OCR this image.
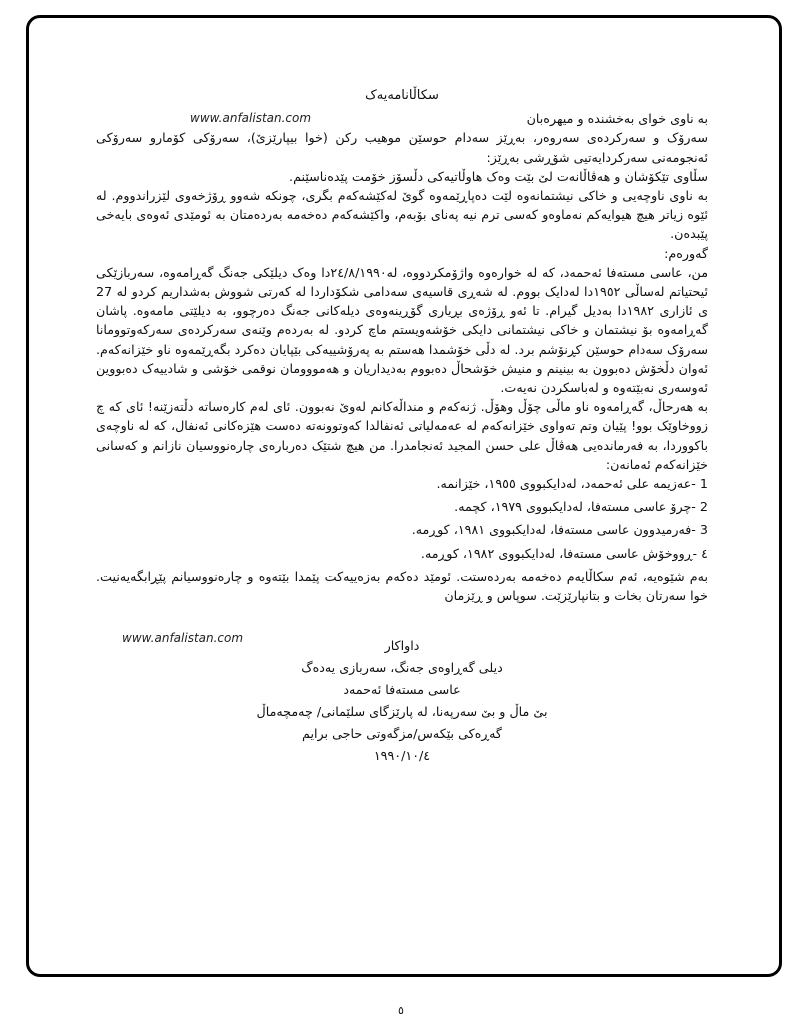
www.anfalistan.com
www.anfalistan.com
سکاڵانامەیەک

بە ناوی خوای بەخشندە و میهرەبان

سەرۆک و سەرکردەی سەروەر، بەڕێز سەدام حوسێن موهیب رکن (خوا بیپارێزێ)، سەرۆکی کۆمارو سەرۆکی ئەنجومەنی سەرکردایەتیی شۆڕشی بەڕێز:

سڵاوی تێکۆشان و هەڤاڵانەت لێ بێت وەک هاوڵاتیەکی دڵسۆز خۆمت پێدەناسێنم.

بە ناوی ناوچەیی و خاکی نیشتمانەوە لێت دەپاڕێمەوە گوێ لەکێشەکەم بگری، چونکە شەوو ڕۆژخەوی لێزراندووم. لە ئێوە زیاتر هیچ هیوایەکم نەماوەو کەسی ترم نیە پەنای بۆبەم، واکێشەکەم دەخەمە بەردەمتان بە ئومێدی ئەوەی بایەخی پێبدەن.

گەورەم:

من، عاسی مستەفا ئەحمەد، کە لە خوارەوە واژۆمکردووە، لە٢٤/٨/١٩٩٠دا وەک دیلێکی جەنگ گەڕامەوە، سەربازێکی ئیحتیاتم لەساڵی ١٩٥٢دا لەدایک بووم. لە شەڕی قاسیەی سەدامی شکۆداردا لە کەرتی شووش بەشداریم کردو لە 27 ی ئازاری ١٩٨٢دا بەدیل گیرام. تا ئەو ڕۆژەی بڕیاری گۆڕینەوەی دیلەکانی جەنگ دەرچوو، بە دیلێتی مامەوە. پاشان گەڕامەوە بۆ نیشتمان و خاکی نیشتمانی دایکی خۆشەویستم ماچ کردو. لە بەردەم وێنەی سەرکردەی سەرکەوتوومانا سەرۆک سەدام حوسێن کڕنۆشم برد. لە دڵی خۆشمدا هەستم بە پەرۆشییەکی بێپایان دەکرد بگەڕێمەوە ناو خێزانەکەم. ئەوان دڵخۆش دەبوون بە بینینم و منیش خۆشحاڵ دەبووم بەدیداریان و هەمووومان نوقمی خۆشی و شادییەک دەبووین ئەوسەری نەبێتەوە و لەباسکردن نەیەت.

بە هەرحاڵ، گەڕامەوە ناو ماڵی چۆڵ وهۆڵ. ژنەکەم و منداڵەکانم لەوێ نەبوون. ئای لەم کارەساتە دڵتەزێنە! ئای کە چ زووخاوێک بوو! پێیان وتم تەواوی خێزانەکەم لە عەمەلیاتی ئەنفالدا کەوتوونەتە دەست هێزەکانی ئەنفال، کە لە ناوچەی باکووردا، بە فەرماندەیی هەڤاڵ علی حسن المجید ئەنجامدرا. من هیچ شتێک دەربارەی چارەنووسیان نازانم و کەسانی خێزانەکەم ئەمانەن:

1 -عەزیمە علی ئەحمەد، لەدایکبووی ١٩٥٥، خێزانمە.
2 -چرۆ عاسی مستەفا، لەدایکبووی ١٩٧٩، کچمە.
3 -فەرمیدوون عاسی مستەفا، لەدایکبووی ١٩٨١، کوڕمە.
٤ -ڕووخۆش عاسی مستەفا، لەدایکبووی ١٩٨٢، کوڕمە.

بەم شێوەیە، ئەم سکاڵایەم دەخەمە بەردەستت. ئومێد دەکەم بەزەییەکت پێمدا بێتەوە و چارەنووسیانم پێڕابگەیەنیت. خوا سەرتان بخات و بتانپارێزێت. سوپاس و ڕێزمان

داواکار
دیلی گەڕاوەی جەنگ، سەربازی یەدەگ
عاسی مستەفا ئەحمەد
بێ ماڵ و بێ سەرپەنا، لە پارێزگای سلێمانی/ چەمچەماڵ
گەڕەکی بێکەس/مزگەوتی حاجی برایم
١٩٩٠/١٠/٤
٥
